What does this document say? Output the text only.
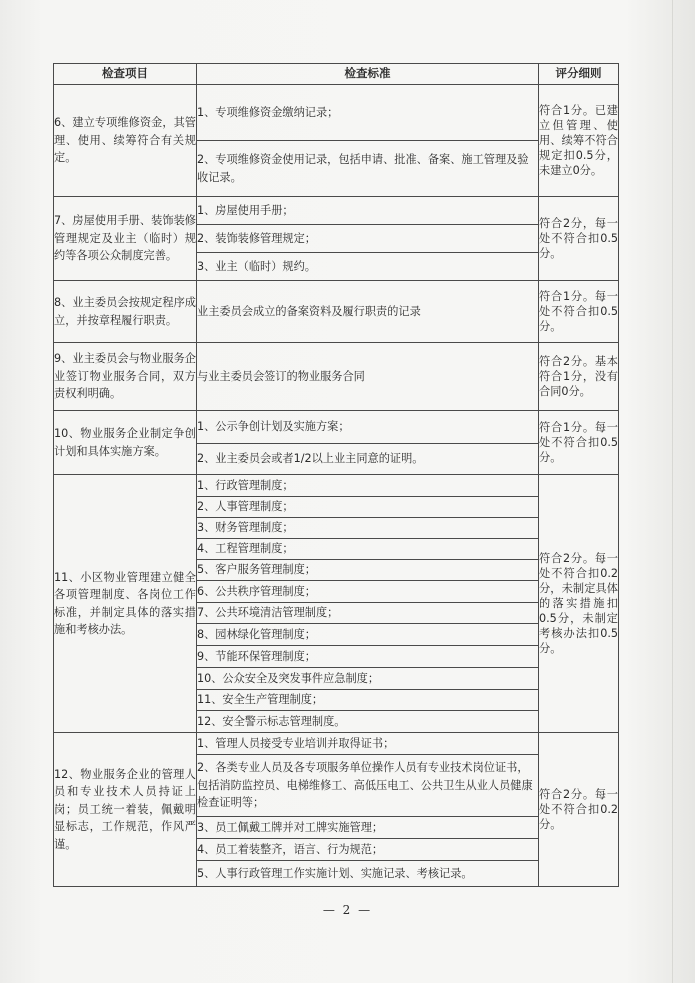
检查项目	检查标准	评分细则
6、建立专项维修资金，其管理、使用、续筹符合有关规定。	1、专项维修资金缴纳记录；	符合1分。已建立但管理、使用、续筹不符合规定扣0.5分，未建立0分。
	2、专项维修资金使用记录，包括申请、批准、备案、施工管理及验收记录。	
7、房屋使用手册、装饰装修管理规定及业主（临时）规约等各项公众制度完善。	1、房屋使用手册；	符合2分，每一处不符合扣0.5分。
	2、装饰装修管理规定；	
	3、业主（临时）规约。	
8、业主委员会按规定程序成立，并按章程履行职责。	业主委员会成立的备案资料及履行职责的记录	符合1分。每一处不符合扣0.5分。
9、业主委员会与物业服务企业签订物业服务合同，双方责权利明确。	与业主委员会签订的物业服务合同	符合2分。基本符合1分，没有合同0分。
10、物业服务企业制定争创计划和具体实施方案。	1、公示争创计划及实施方案；	符合1分。每一处不符合扣0.5分。
	2、业主委员会或者1/2以上业主同意的证明。	
11、小区物业管理建立健全各项管理制度、各岗位工作标准，并制定具体的落实措施和考核办法。	1、行政管理制度；	符合2分。每一处不符合扣0.2分，未制定具体的落实措施扣0.5分，未制定考核办法扣0.5分。
	2、人事管理制度；	
	3、财务管理制度；	
	4、工程管理制度；	
	5、客户服务管理制度；	
	6、公共秩序管理制度；	
	7、公共环境清洁管理制度；	
	8、园林绿化管理制度；	
	9、节能环保管理制度；	
	10、公众安全及突发事件应急制度；	
	11、安全生产管理制度；	
	12、安全警示标志管理制度。	
12、物业服务企业的管理人员和专业技术人员持证上岗；员工统一着装，佩戴明显标志，工作规范，作风严谨。	1、管理人员接受专业培训并取得证书；	符合2分。每一处不符合扣0.2分。
	2、各类专业人员及各专项服务单位操作人员有专业技术岗位证书，包括消防监控员、电梯维修工、高低压电工、公共卫生从业人员健康检查证明等；	
	3、员工佩戴工牌并对工牌实施管理；	
	4、员工着装整齐，语言、行为规范；	
	5、人事行政管理工作实施计划、实施记录、考核记录。	
— 2 —
